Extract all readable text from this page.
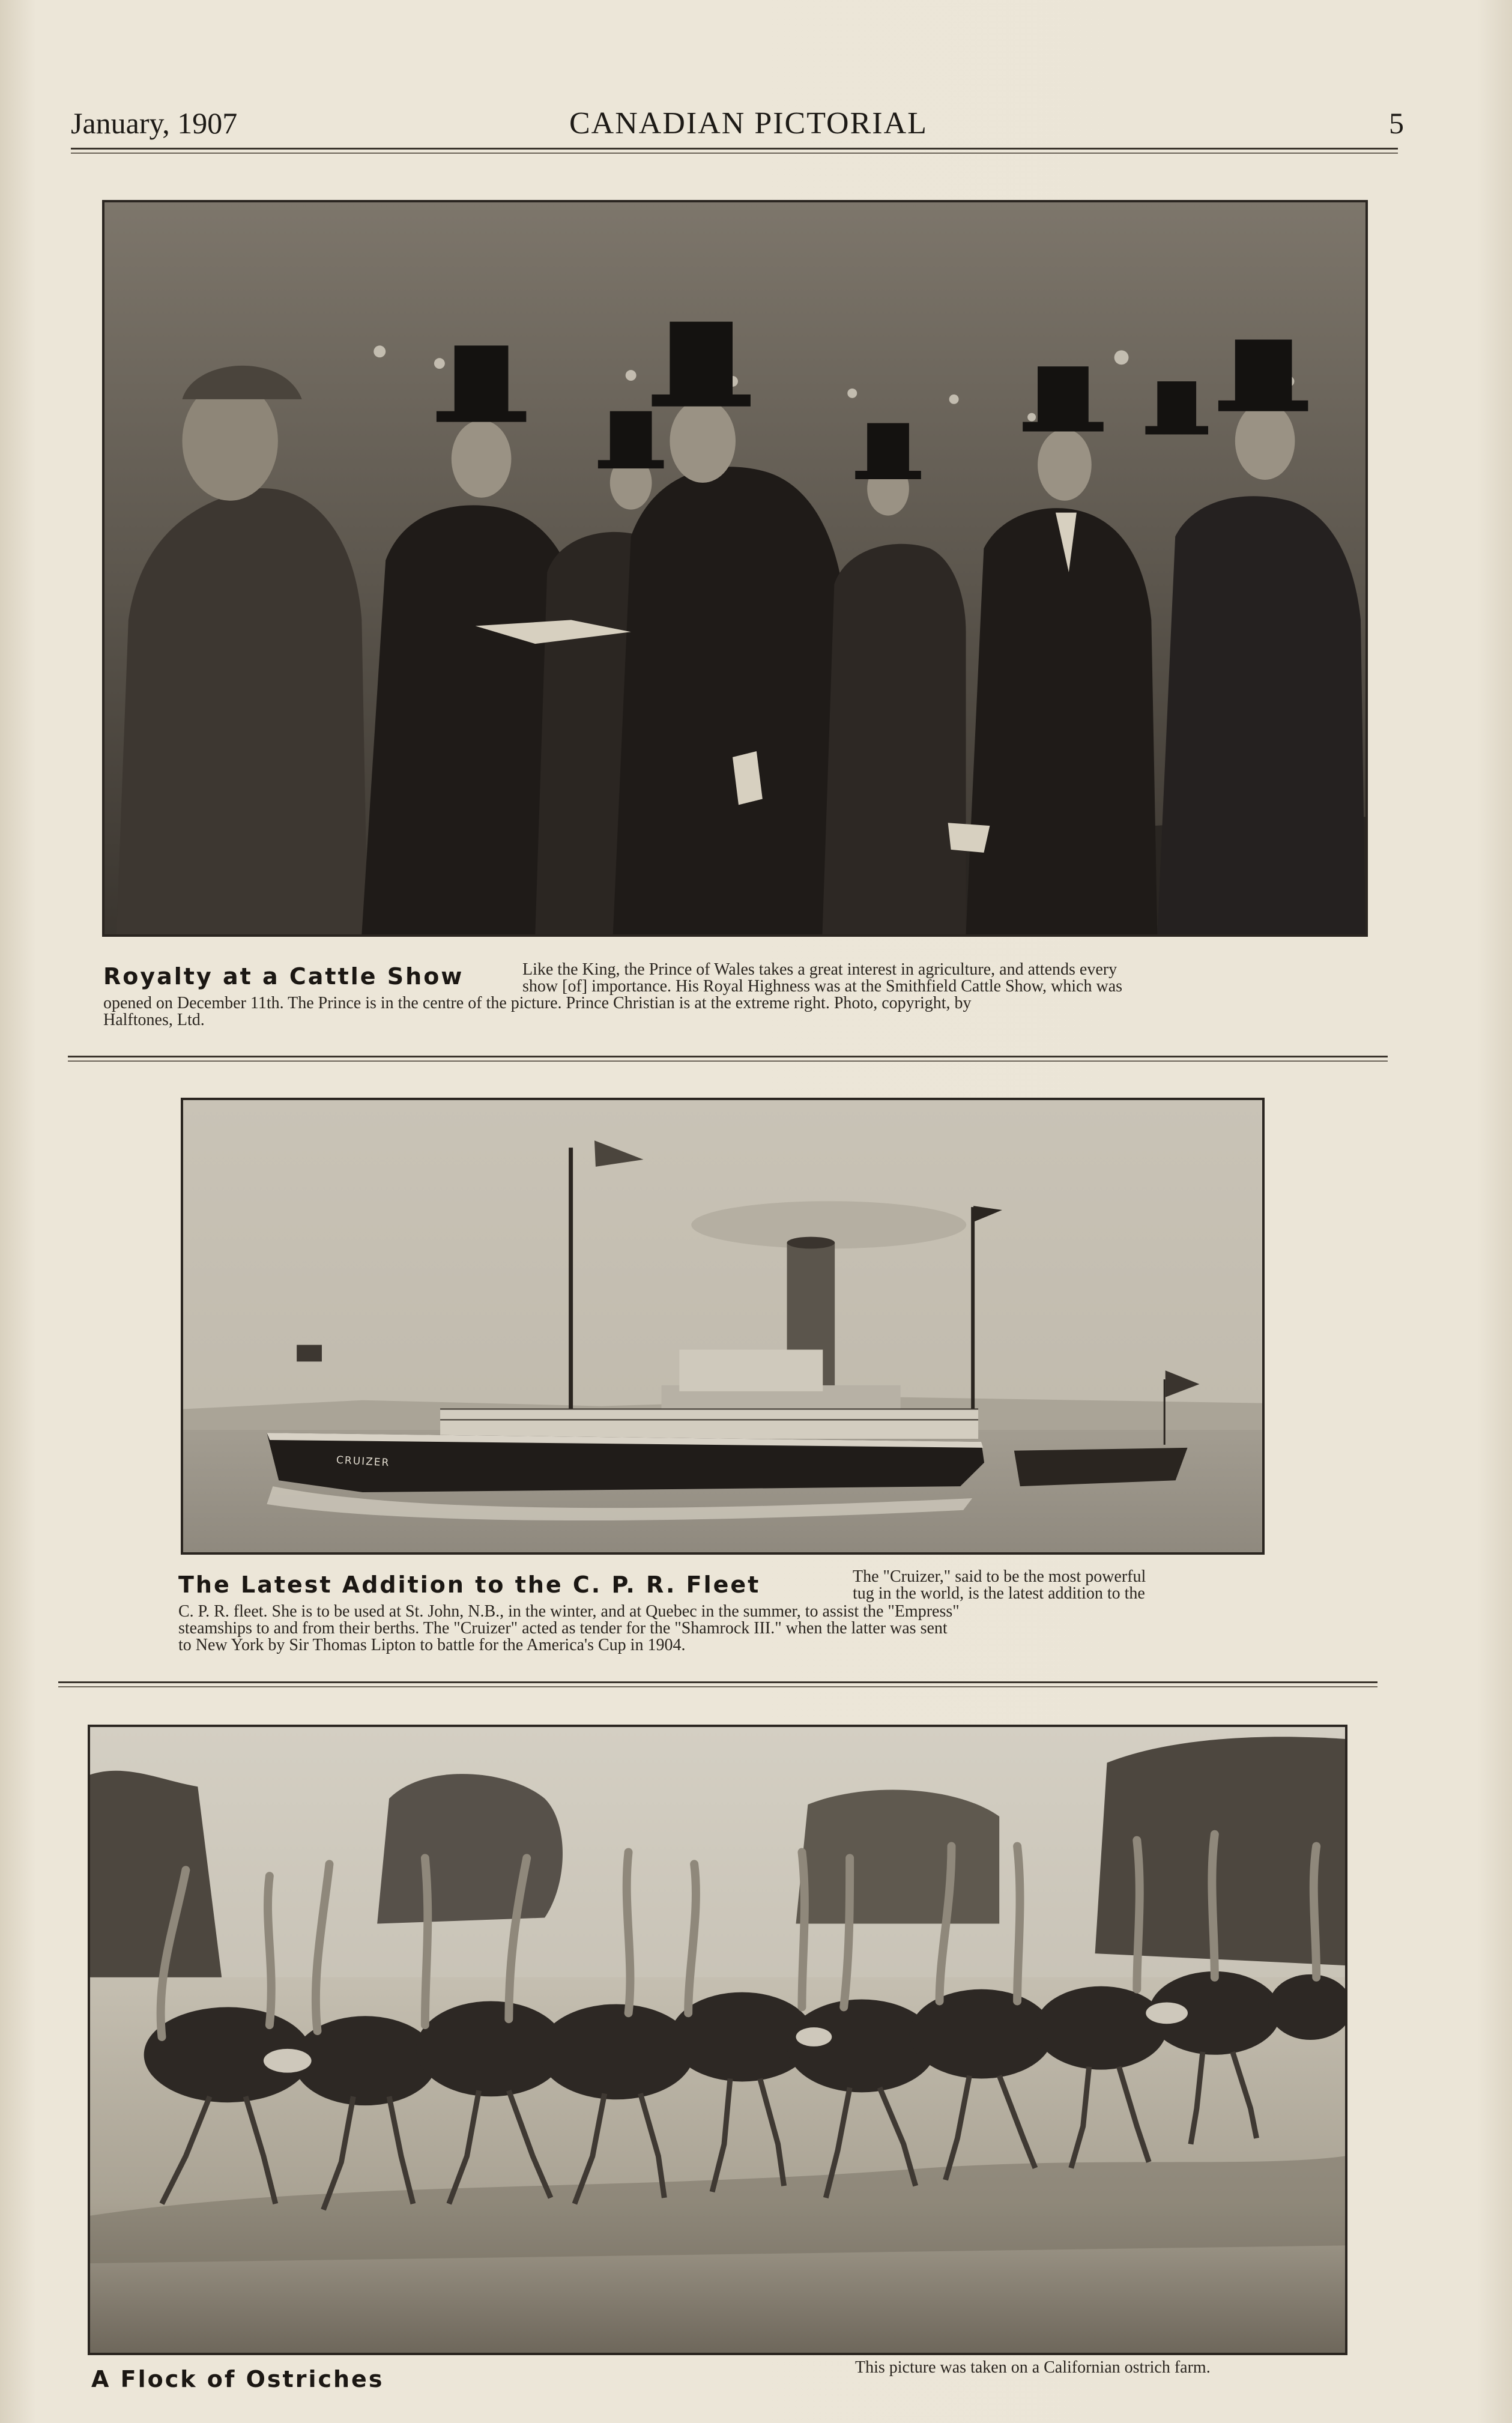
January, 1907	CANADIAN PICTORIAL	5
Royalty at a Cattle Show	Like the King, the Prince of Wales takes a great interest in agriculture, and attends every
show [of] importance. His Royal Highness was at the Smithfield Cattle Show, which was
opened on December 11th. The Prince is in the centre of the picture. Prince Christian is at the extreme right. Photo, copyright, by
Halftones, Ltd.
CRUIZER
The Latest Addition to the C. P. R. Fleet	The "Cruizer," said to be the most powerful
tug in the world, is the latest addition to the
C. P. R. fleet. She is to be used at St. John, N.B., in the winter, and at Quebec in the summer, to assist the "Empress"
steamships to and from their berths. The "Cruizer" acted as tender for the "Shamrock III." when the latter was sent
to New York by Sir Thomas Lipton to battle for the America's Cup in 1904.
A Flock of Ostriches	This picture was taken on a Californian ostrich farm.
